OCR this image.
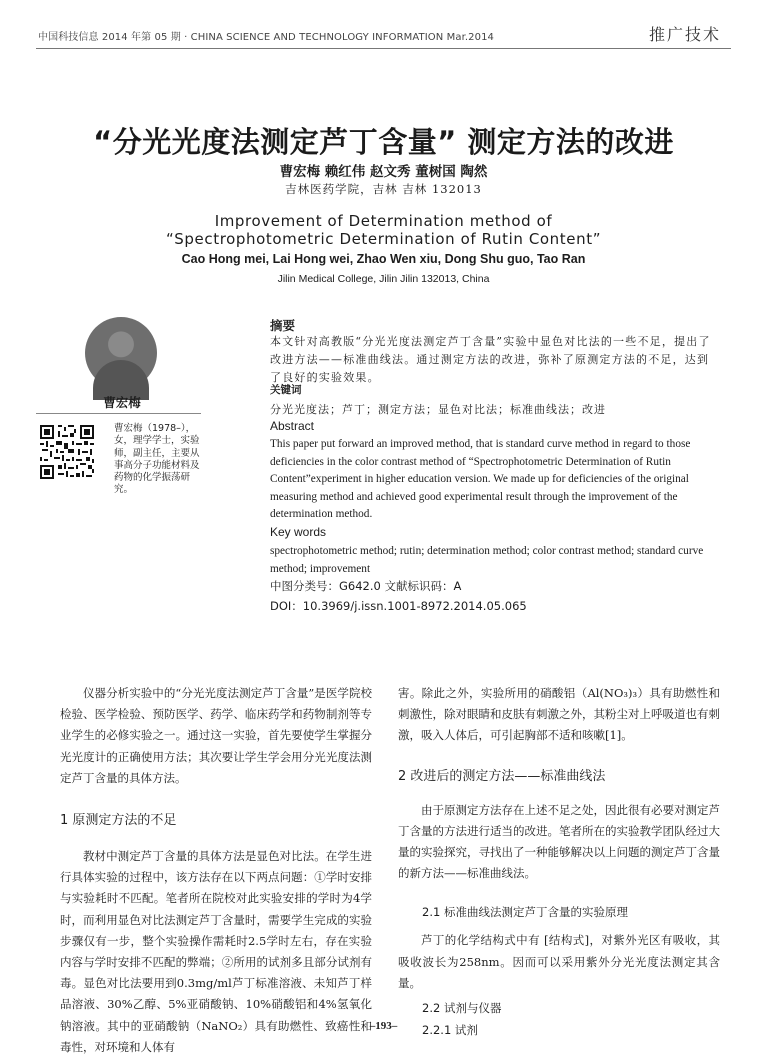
中国科技信息 2014 年第 05 期 · CHINA SCIENCE AND TECHNOLOGY INFORMATION Mar.2014	推广技术
“分光光度法测定芦丁含量” 测定方法的改进
曹宏梅 赖红伟 赵文秀 董树国 陶然
吉林医药学院，吉林 吉林 132013
Improvement of Determination method of
“Spectrophotometric Determination of Rutin Content”
Cao Hong mei, Lai Hong wei, Zhao Wen xiu, Dong Shu guo, Tao Ran
Jilin Medical College, Jilin Jilin 132013, China
曹宏梅
曹宏梅（1978–），女，理学学士，实验师，副主任，主要从事高分子功能材料及药物的化学振荡研究。
摘要
本文针对高教版“分光光度法测定芦丁含量”实验中显色对比法的一些不足，提出了改进方法——标准曲线法。通过测定方法的改进，弥补了原测定方法的不足，达到了良好的实验效果。
关键词
分光光度法；芦丁；测定方法；显色对比法；标准曲线法；改进
Abstract
This paper put forward an improved method, that is standard curve method in regard to those deficiencies in the color contrast method of “Spectrophotometric Determination of Rutin Content”experiment in higher education version. We made up for deficiencies of the original measuring method and achieved good experimental result through the improvement of the determination method.
Key words
spectrophotometric method; rutin; determination method; color contrast method; standard curve method; improvement
中图分类号：G642.0 文献标识码：A
DOI：10.3969/j.issn.1001-8972.2014.05.065

仪器分析实验中的“分光光度法测定芦丁含量”是医学院校检验、医学检验、预防医学、药学、临床药学和药物制剂等专业学生的必修实验之一。通过这一实验，首先要使学生掌握分光光度计的正确使用方法；其次要让学生学会用分光光度法测定芦丁含量的具体方法。

1 原测定方法的不足

教材中测定芦丁含量的具体方法是显色对比法。在学生进行具体实验的过程中，该方法存在以下两点问题：①学时安排与实验耗时不匹配。笔者所在院校对此实验安排的学时为4学时，而利用显色对比法测定芦丁含量时，需要学生完成的实验步骤仅有一步，整个实验操作需耗时2.5学时左右，存在实验内容与学时安排不匹配的弊端；②所用的试剂多且部分试剂有毒。显色对比法要用到0.3mg/ml芦丁标准溶液、未知芦丁样品溶液、30%乙醇、5%亚硝酸钠、10%硝酸铝和4%氢氧化钠溶液。其中的亚硝酸钠（NaNO₂）具有助燃性、致癌性和毒性，对环境和人体有

害。除此之外，实验所用的硝酸铝（Al(NO₃)₃）具有助燃性和刺激性，除对眼睛和皮肤有刺激之外，其粉尘对上呼吸道也有刺激，吸入人体后，可引起胸部不适和咳嗽[1]。

2 改进后的测定方法——标准曲线法

由于原测定方法存在上述不足之处，因此很有必要对测定芦丁含量的方法进行适当的改进。笔者所在的实验教学团队经过大量的实验探究，寻找出了一种能够解决以上问题的测定芦丁含量的新方法——标准曲线法。

2.1 标准曲线法测定芦丁含量的实验原理

芦丁的化学结构式中有 [结构式]，对紫外光区有吸收，其吸收波长为258nm。因而可以采用紫外分光光度法测定其含量。

2.2 试剂与仪器

2.2.1 试剂

–193–
